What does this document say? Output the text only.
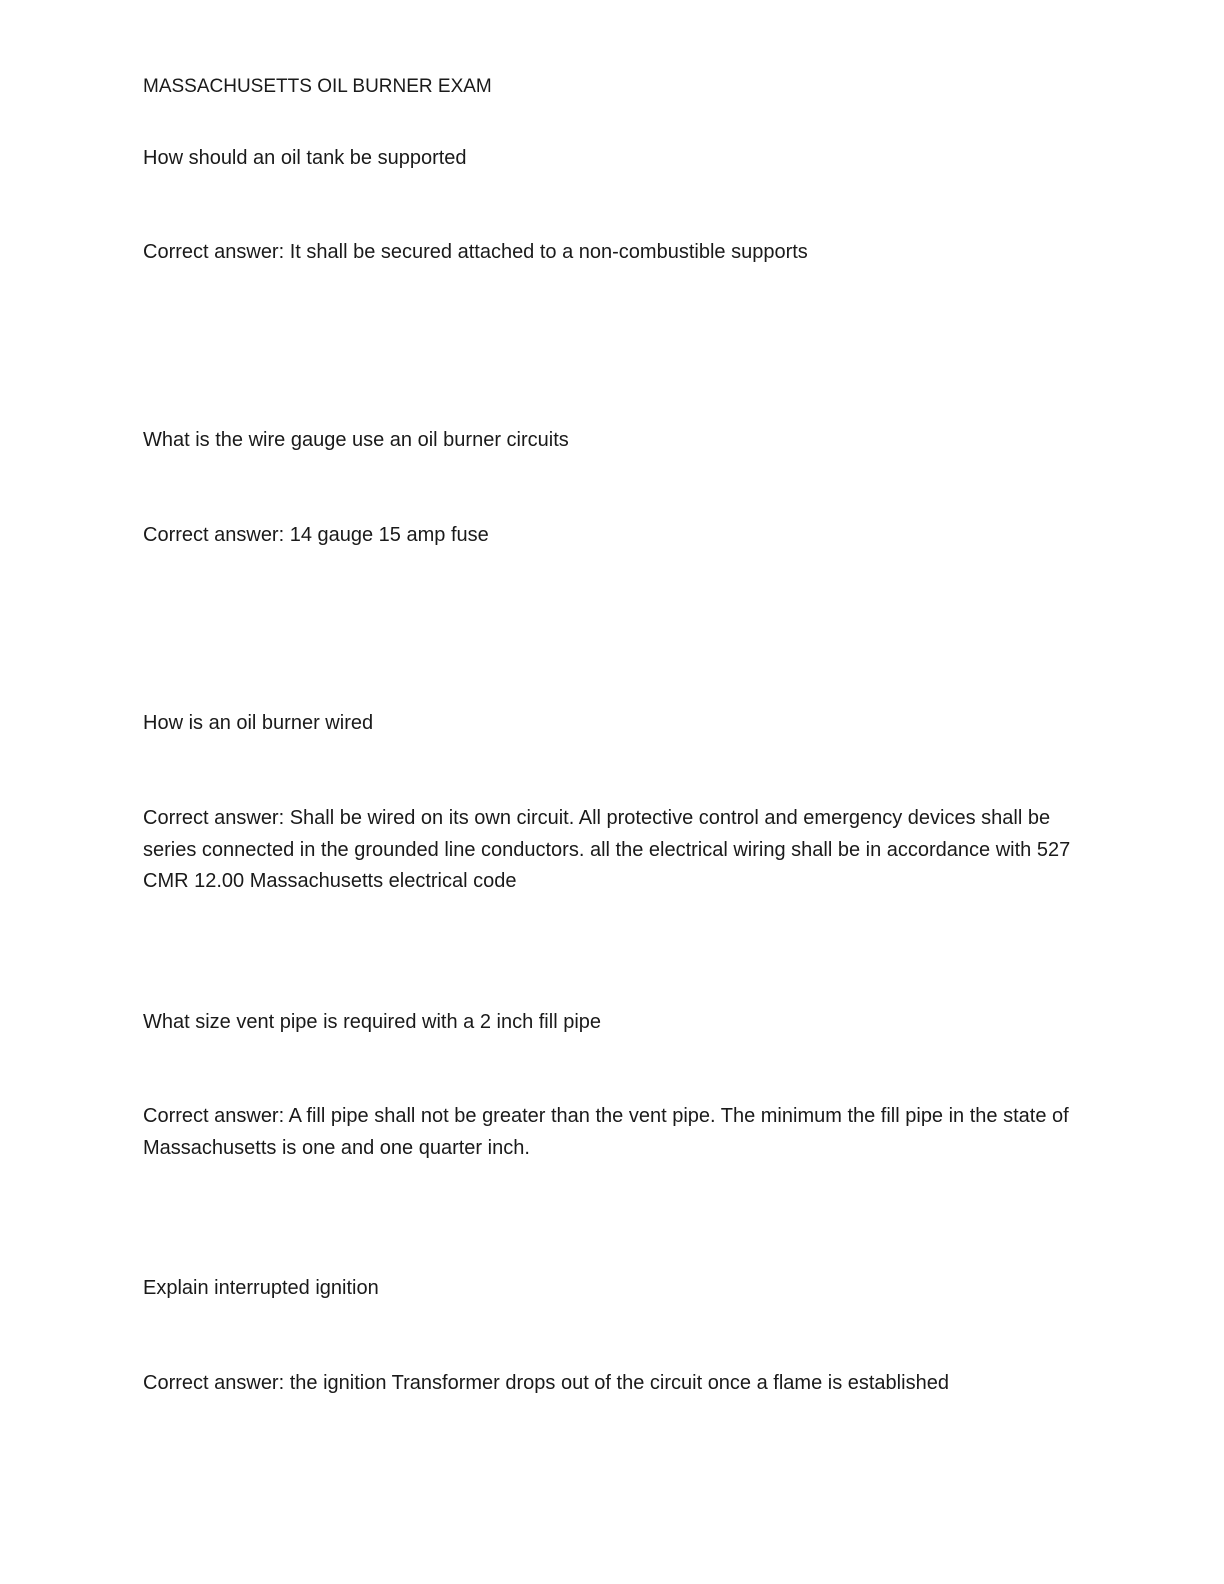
MASSACHUSETTS OIL BURNER EXAM

How should an oil tank be supported

Correct answer: It shall be secured attached to a non-combustible supports

What is the wire gauge use an oil burner circuits

Correct answer: 14 gauge 15 amp fuse

How is an oil burner wired

Correct answer: Shall be wired on its own circuit. All protective control and emergency devices shall be series connected in the grounded line conductors. all the electrical wiring shall be in accordance with 527 CMR 12.00 Massachusetts electrical code

What size vent pipe is required with a 2 inch fill pipe

Correct answer: A fill pipe shall not be greater than the vent pipe. The minimum the fill pipe in the state of Massachusetts is one and one quarter inch.

Explain interrupted ignition

Correct answer: the ignition Transformer drops out of the circuit once a flame is established
